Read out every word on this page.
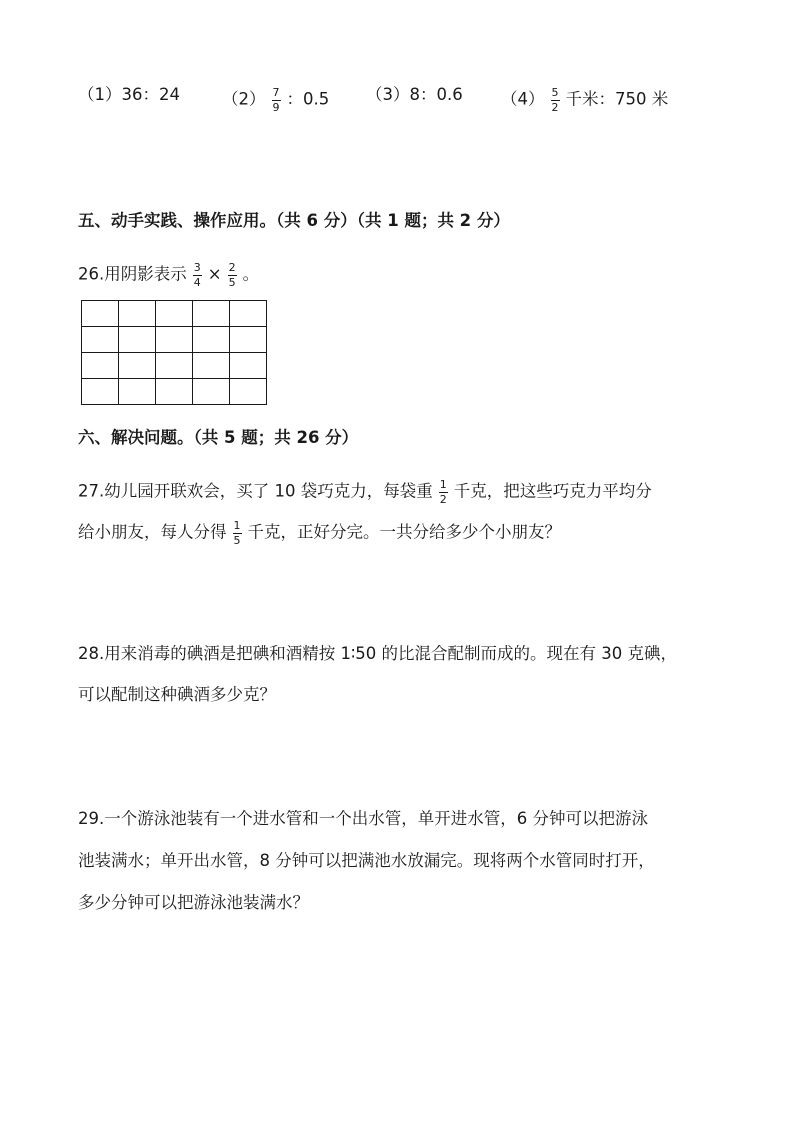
（1）36：24	$(2) \frac{7}{9}$ ：0.5 （3）8：0.6 $(4) \frac{5}{2}$ 千米：750 米
五、动手实践、操作应用。（共 6 分）（共 1 题；共 2 分）
26.用阴影表示 $\frac{3}{4} \times \frac{2}{5}$ 。

六、解决问题。（共 5 题；共 26 分）
27.幼儿园开联欢会，买了 10 袋巧克力，每袋重 $\frac{1}{2}$ 千克，把这些巧克力平均分
给小朋友，每人分得 $\frac{1}{5}$ 千克，正好分完。一共分给多少个小朋友？
28.用来消毒的碘酒是把碘和酒精按 1∶50 的比混合配制而成的。现在有 30 克碘，
可以配制这种碘酒多少克？
29.一个游泳池装有一个进水管和一个出水管，单开进水管，6 分钟可以把游泳
池装满水；单开出水管，8 分钟可以把满池水放漏完。现将两个水管同时打开，
多少分钟可以把游泳池装满水？
